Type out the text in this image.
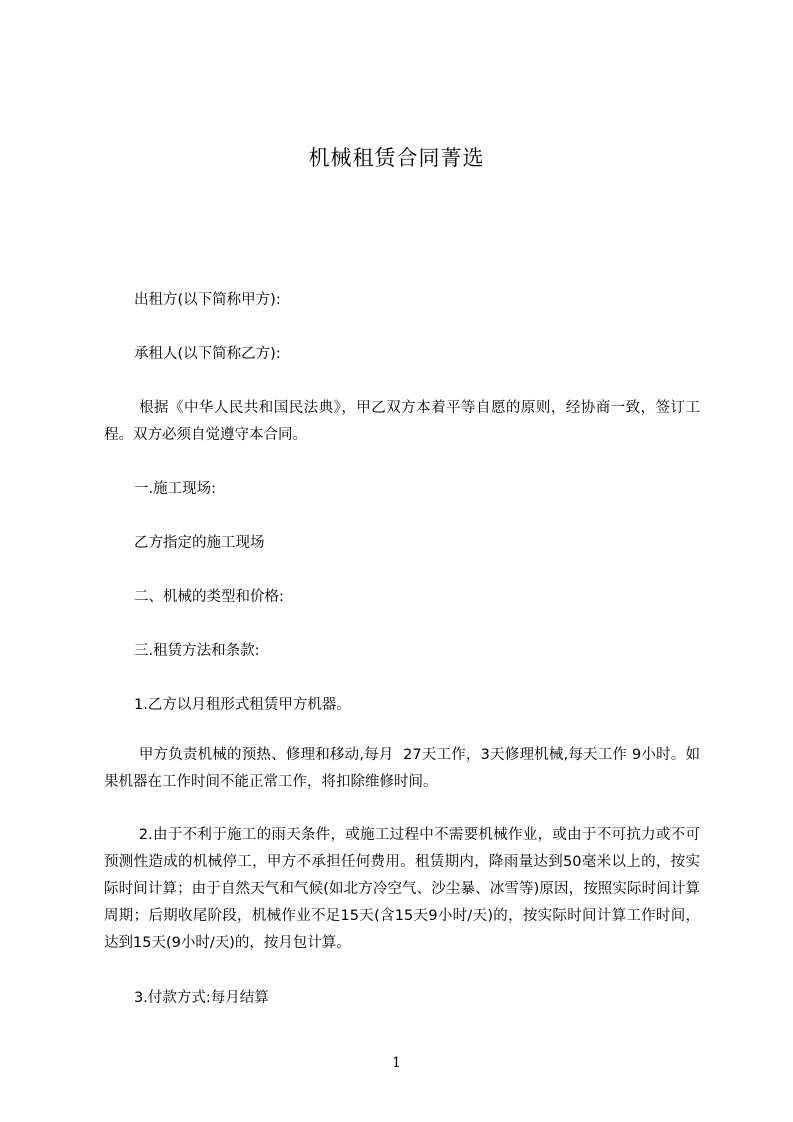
机械租赁合同菁选
出租方(以下简称甲方):
承租人(以下简称乙方):
根据《中华人民共和国民法典》，甲乙双方本着平等自愿的原则，经协商一致，签订工程。双方必须自觉遵守本合同。
一.施工现场:
乙方指定的施工现场
二、机械的类型和价格:
三.租赁方法和条款:
1.乙方以月租形式租赁甲方机器。
甲方负责机械的预热、修理和移动,每月  27天工作，3天修理机械,每天工作 9小时。如果机器在工作时间不能正常工作，将扣除维修时间。
2.由于不利于施工的雨天条件，或施工过程中不需要机械作业，或由于不可抗力或不可预测性造成的机械停工，甲方不承担任何费用。租赁期内，降雨量达到50毫米以上的，按实际时间计算；由于自然天气和气候(如北方冷空气、沙尘暴、冰雪等)原因，按照实际时间计算周期；后期收尾阶段，机械作业不足15天(含15天9小时/天)的，按实际时间计算工作时间，达到15天(9小时/天)的，按月包计算。
3.付款方式:每月结算
1
